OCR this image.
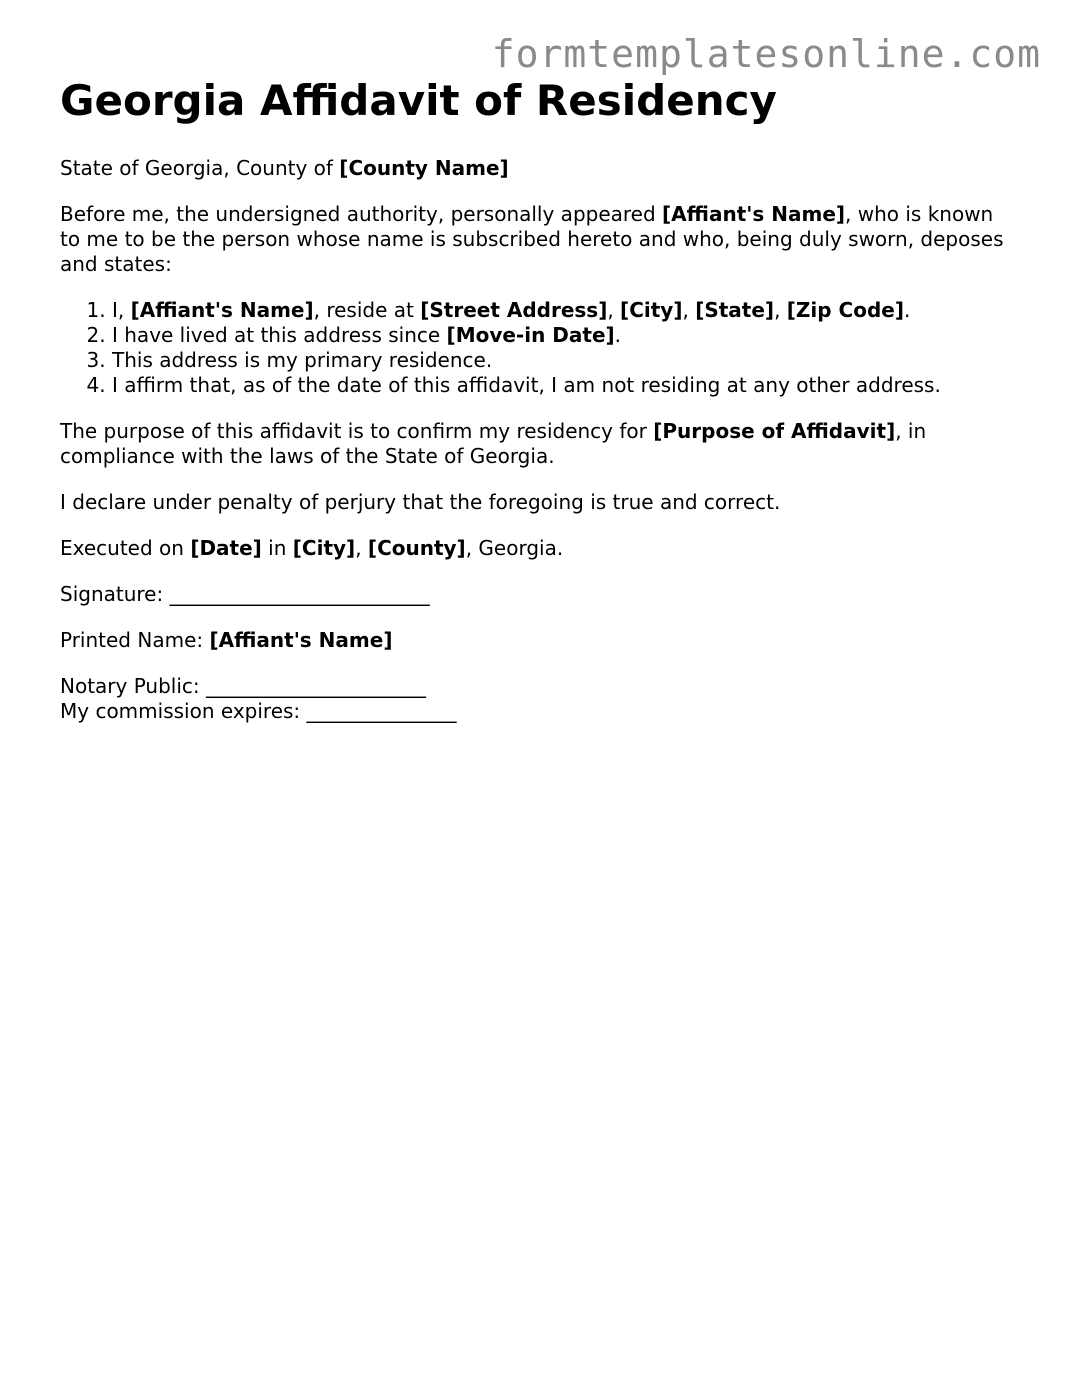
formtemplatesonline.com
Georgia Affidavit of Residency

State of Georgia, County of [County Name]

Before me, the undersigned authority, personally appeared [Affiant's Name], who is known to me to be the person whose name is subscribed hereto and who, being duly sworn, deposes and states:

1. I, [Affiant's Name], reside at [Street Address], [City], [State], [Zip Code].
2. I have lived at this address since [Move-in Date].
3. This address is my primary residence.
4. I affirm that, as of the date of this affidavit, I am not residing at any other address.

The purpose of this affidavit is to confirm my residency for [Purpose of Affidavit], in compliance with the laws of the State of Georgia.

I declare under penalty of perjury that the foregoing is true and correct.

Executed on [Date] in [City], [County], Georgia.

Signature: __________________________

Printed Name: [Affiant's Name]

Notary Public: ______________________
My commission expires: _______________
